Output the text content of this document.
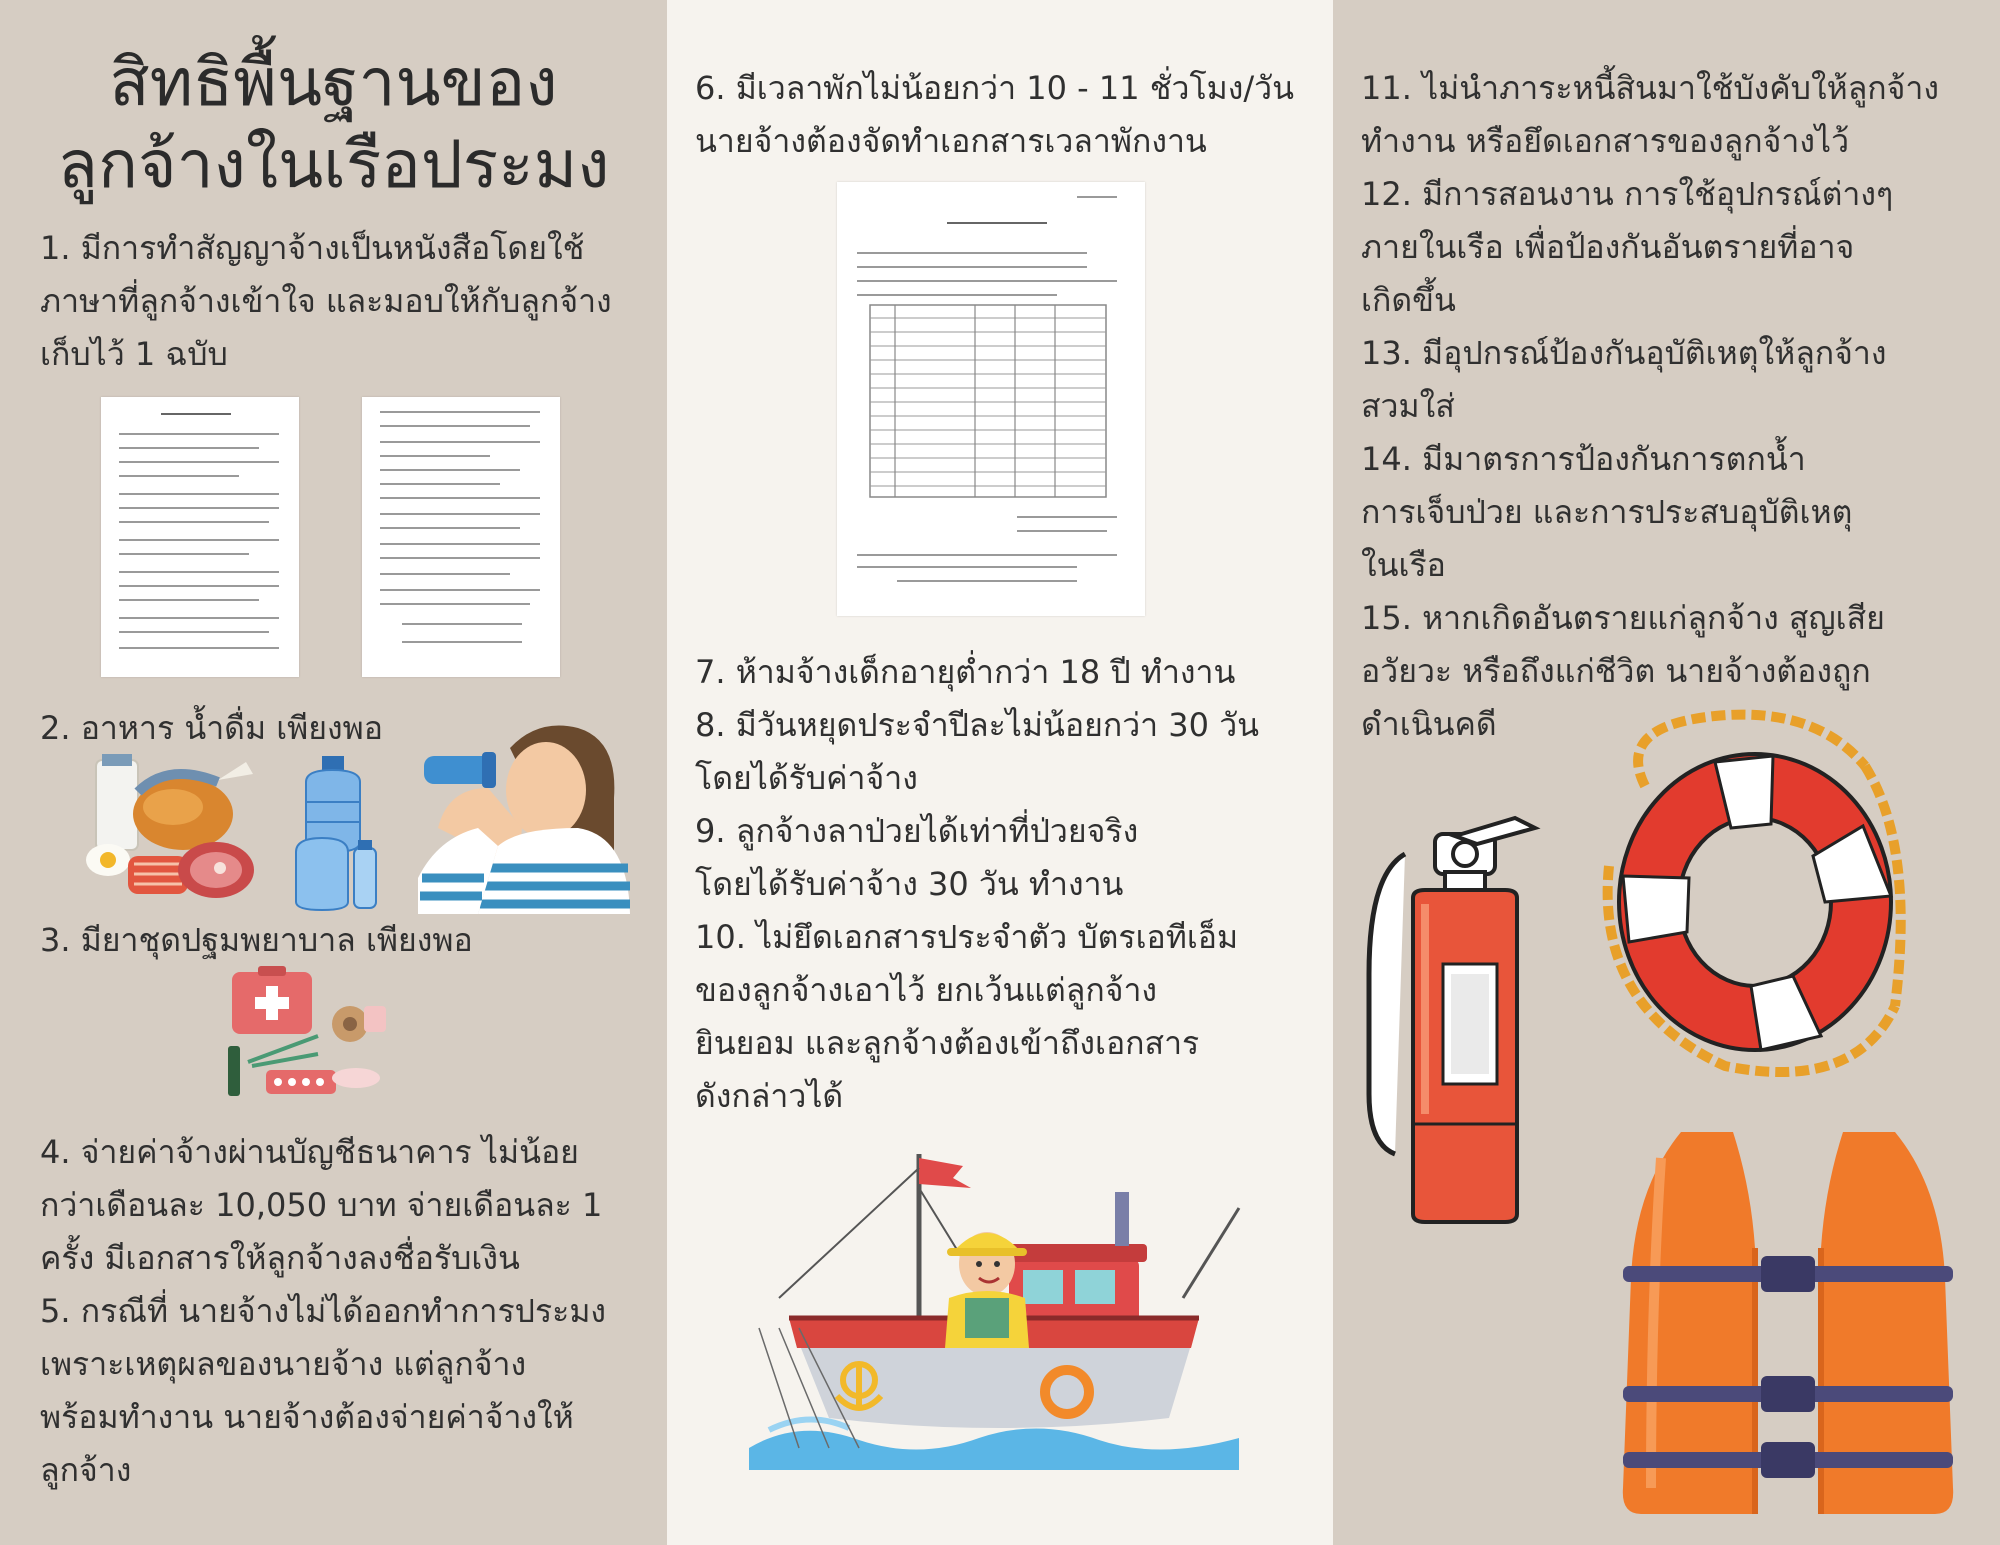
สิทธิพื้นฐานของ
ลูกจ้างในเรือประมง
1. มีการทำสัญญาจ้างเป็นหนังสือโดยใช้
ภาษาที่ลูกจ้างเข้าใจ และมอบให้กับลูกจ้าง
เก็บไว้ 1 ฉบับ
2. อาหาร น้ำดื่ม เพียงพอ
3. มียาชุดปฐมพยาบาล เพียงพอ
4. จ่ายค่าจ้างผ่านบัญชีธนาคาร ไม่น้อย
กว่าเดือนละ 10,050 บาท จ่ายเดือนละ 1
ครั้ง มีเอกสารให้ลูกจ้างลงชื่อรับเงิน
5. กรณีที่ นายจ้างไม่ได้ออกทำการประมง
เพราะเหตุผลของนายจ้าง แต่ลูกจ้าง
พร้อมทำงาน นายจ้างต้องจ่ายค่าจ้างให้
ลูกจ้าง
6. มีเวลาพักไม่น้อยกว่า 10 - 11 ชั่วโมง/วัน
นายจ้างต้องจัดทำเอกสารเวลาพักงาน
7. ห้ามจ้างเด็กอายุต่ำกว่า 18 ปี ทำงาน
8. มีวันหยุดประจำปีละไม่น้อยกว่า 30 วัน
โดยได้รับค่าจ้าง
9. ลูกจ้างลาป่วยได้เท่าที่ป่วยจริง
โดยได้รับค่าจ้าง 30 วัน ทำงาน
10. ไม่ยึดเอกสารประจำตัว บัตรเอทีเอ็ม
ของลูกจ้างเอาไว้ ยกเว้นแต่ลูกจ้าง
ยินยอม และลูกจ้างต้องเข้าถึงเอกสาร
ดังกล่าวได้
11. ไม่นำภาระหนี้สินมาใช้บังคับให้ลูกจ้าง
ทำงาน หรือยึดเอกสารของลูกจ้างไว้
12. มีการสอนงาน การใช้อุปกรณ์ต่างๆ
ภายในเรือ เพื่อป้องกันอันตรายที่อาจ
เกิดขึ้น
13. มีอุปกรณ์ป้องกันอุบัติเหตุให้ลูกจ้าง
สวมใส่
14. มีมาตรการป้องกันการตกน้ำ
การเจ็บป่วย และการประสบอุบัติเหตุ
ในเรือ
15. หากเกิดอันตรายแก่ลูกจ้าง สูญเสีย
อวัยวะ หรือถึงแก่ชีวิต นายจ้างต้องถูก
ดำเนินคดี
